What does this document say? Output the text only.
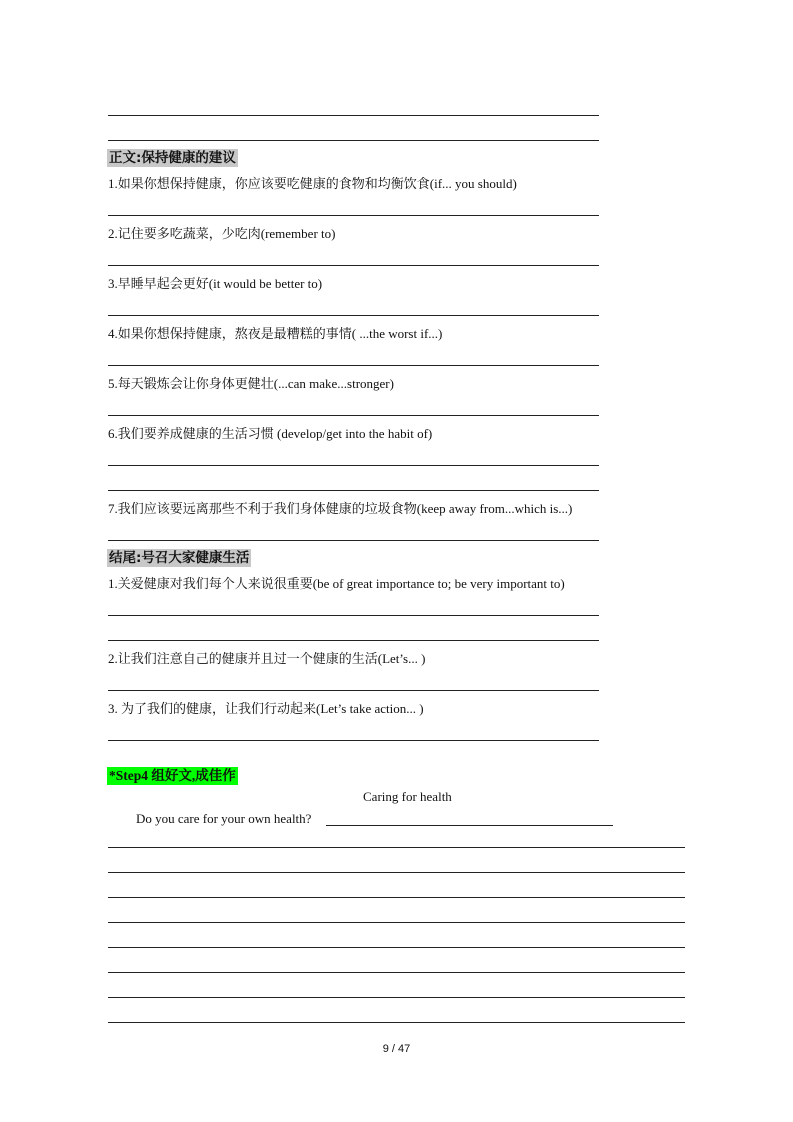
正文:保持健康的建议
1.如果你想保持健康，你应该要吃健康的食物和均衡饮食(if... you should)
2.记住要多吃蔬菜，少吃肉(remember to)
3.早睡早起会更好(it would be better to)
4.如果你想保持健康，熬夜是最糟糕的事情( ...the worst if...)
5.每天锻炼会让你身体更健壮(...can make...stronger)
6.我们要养成健康的生活习惯 (develop/get into the habit of)
7.我们应该要远离那些不利于我们身体健康的垃圾食物(keep away from...which is...)
结尾:号召大家健康生活
1.关爱健康对我们每个人来说很重要(be of great importance to; be very important to)
2.让我们注意自己的健康并且过一个健康的生活(Let’s... )
3. 为了我们的健康，让我们行动起来(Let’s take action... )
*Step4 组好文,成佳作
Caring for health
Do you care for your own health?
9 / 47
